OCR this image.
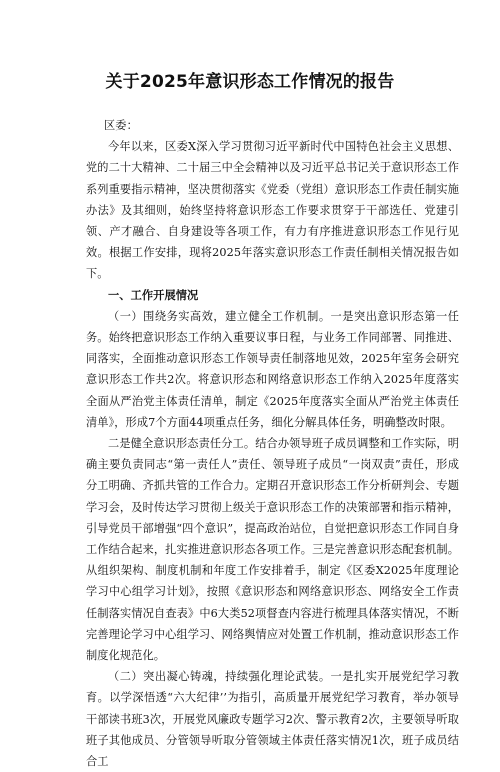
关于2025年意识形态工作情况的报告

区委：

今年以来，区委X深入学习贯彻习近平新时代中国特色社会主义思想、党的二十大精神、二十届三中全会精神以及习近平总书记关于意识形态工作系列重要指示精神，坚决贯彻落实《党委（党组）意识形态工作责任制实施办法》及其细则，始终坚持将意识形态工作要求贯穿于干部选任、党建引领、产才融合、自身建设等各项工作，有力有序推进意识形态工作见行见效。根据工作安排，现将2025年落实意识形态工作责任制相关情况报告如下。

一、工作开展情况

（一）围绕务实高效，建立健全工作机制。一是突出意识形态第一任务。始终把意识形态工作纳入重要议事日程，与业务工作同部署、同推进、同落实，全面推动意识形态工作领导责任制落地见效，2025年室务会研究意识形态工作共2次。将意识形态和网络意识形态工作纳入2025年度落实全面从严治党主体责任清单，制定《2025年度落实全面从严治党主体责任清单》，形成7个方面44项重点任务，细化分解具体任务，明确整改时限。

二是健全意识形态责任分工。结合办领导班子成员调整和工作实际，明确主要负责同志“第一责任人”责任、领导班子成员“一岗双责”责任，形成分工明确、齐抓共管的工作合力。定期召开意识形态工作分析研判会、专题学习会，及时传达学习贯彻上级关于意识形态工作的决策部署和指示精神，引导党员干部增强“四个意识”，提高政治站位，自觉把意识形态工作同自身工作结合起来，扎实推进意识形态各项工作。三是完善意识形态配套机制。从组织架构、制度机制和年度工作安排着手，制定《区委X2025年度理论学习中心组学习计划》，按照《意识形态和网络意识形态、网络安全工作责任制落实情况自查表》中6大类52项督查内容进行梳理具体落实情况，不断完善理论学习中心组学习、网络舆情应对处置工作机制，推动意识形态工作制度化规范化。

（二）突出凝心铸魂，持续强化理论武装。一是扎实开展党纪学习教育。以学深悟透“六大纪律’’为指引，高质量开展党纪学习教育，举办领导干部读书班3次，开展党风廉政专题学习2次、警示教育2次，主要领导听取班子其他成员、分管领导听取分管领域主体责任落实情况1次，班子成员结合工
